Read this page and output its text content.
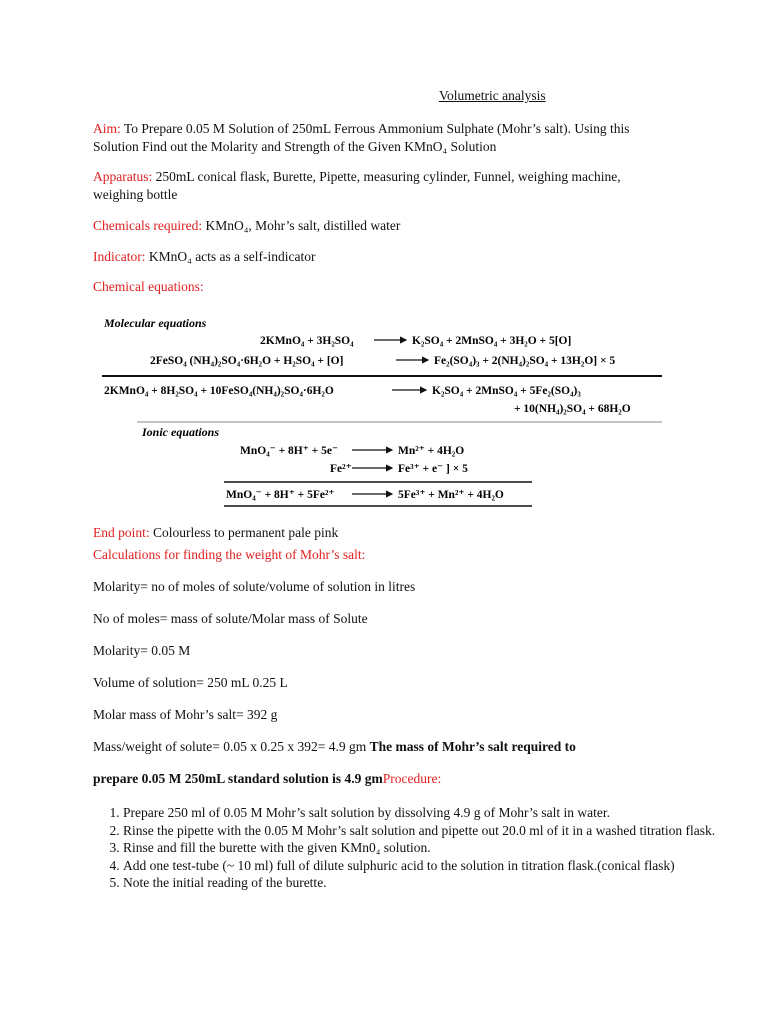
Volumetric analysis
Aim: To Prepare 0.05 M Solution of 250mL Ferrous Ammonium Sulphate (Mohr’s salt). Using this
Solution Find out the Molarity and Strength of the Given KMnO₄ Solution
Apparatus: 250mL conical flask, Burette, Pipette, measuring cylinder, Funnel, weighing machine,
weighing bottle
Chemicals required: KMnO₄, Mohr’s salt, distilled water
Indicator: KMnO₄ acts as a self-indicator
Chemical equations:
Molecular equations
2KMnO₄ + 3H₂SO₄	K₂SO₄ + 2MnSO₄ + 3H₂O + 5[O]
2FeSO₄ (NH₄)₂SO₄·6H₂O + H₂SO₄ + [O]	Fe₂(SO₄)₃ + 2(NH₄)₂SO₄ + 13H₂O] × 5
2KMnO₄ + 8H₂SO₄ + 10FeSO₄(NH₄)₂SO₄·6H₂O	K₂SO₄ + 2MnSO₄ + 5Fe₂(SO₄)₃
+ 10(NH₄)₂SO₄ + 68H₂O
Ionic equations
MnO₄⁻ + 8H⁺ + 5e⁻	Mn²⁺ + 4H₂O
Fe²⁺	Fe³⁺ + e⁻ ] × 5
MnO₄⁻ + 8H⁺ + 5Fe²⁺	5Fe³⁺ + Mn²⁺ + 4H₂O
End point: Colourless to permanent pale pink
Calculations for finding the weight of Mohr’s salt:
Molarity= no of moles of solute/volume of solution in litres
No of moles= mass of solute/Molar mass of Solute
Molarity= 0.05 M
Volume of solution= 250 mL 0.25 L
Molar mass of Mohr’s salt= 392 g
Mass/weight of solute= 0.05 x 0.25 x 392= 4.9 gm The mass of Mohr’s salt required to
prepare 0.05 M 250mL standard solution is 4.9 gmProcedure:
1. Prepare 250 ml of 0.05 M Mohr’s salt solution by dissolving 4.9 g of Mohr’s salt in water.
2. Rinse the pipette with the 0.05 M Mohr’s salt solution and pipette out 20.0 ml of it in a washed titration flask.
3. Rinse and fill the burette with the given KMn0₄ solution.
4. Add one test-tube (~ 10 ml) full of dilute sulphuric acid to the solution in titration flask.(conical flask)
5. Note the initial reading of the burette.
